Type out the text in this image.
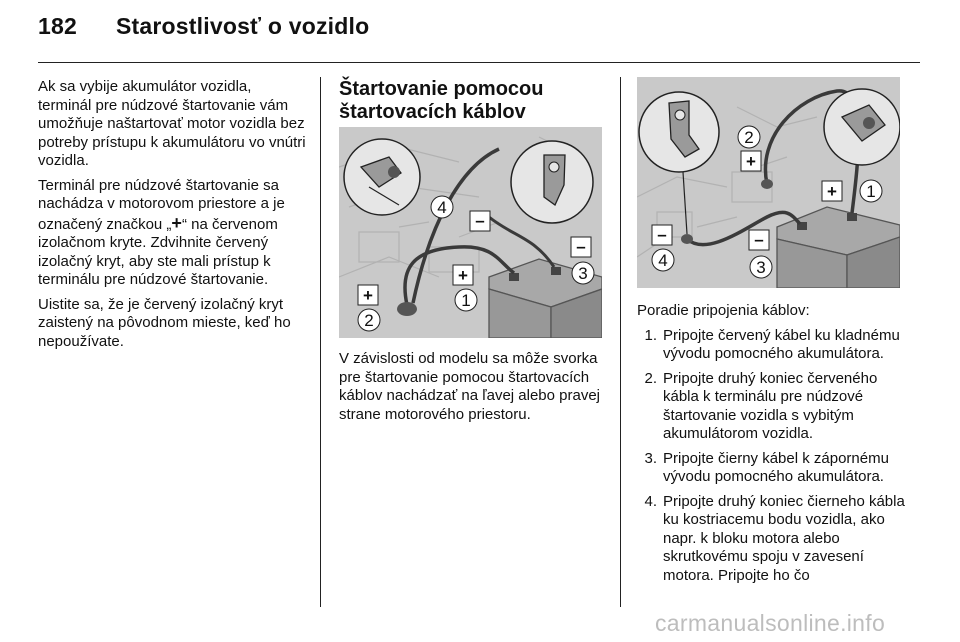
182 Starostlivosť o vozidlo

Ak sa vybije akumulátor vozidla, terminál pre núdzové štartovanie vám umožňuje naštartovať motor vozidla bez potreby prístupu k akumulátoru vo vnútri vozidla.

Terminál pre núdzové štartovanie sa nachádza v motorovom priestore a je označený značkou „+“ na červenom izolačnom kryte. Zdvihnite červený izolačný kryt, aby ste mali prístup k terminálu pre núdzové štartovanie.

Uistite sa, že je červený izolačný kryt zaistený na pôvodnom mieste, keď ho nepoužívate.

Štartovanie pomocou štartovacích káblov
+
+
–
–
2
1
4
3

V závislosti od modelu sa môže svorka pre štartovanie pomocou štartovacích káblov nachádzať na ľavej alebo pravej strane motorového priestoru.

+
+
–	–
2
1
4	3

Poradie pripojenia káblov:

1. Pripojte červený kábel ku kladnému vývodu pomocného akumulátora.
2. Pripojte druhý koniec červeného kábla k terminálu pre núdzové štartovanie vozidla s vybitým akumulátorom vozidla.
3. Pripojte čierny kábel k zápornému vývodu pomocného akumulátora.
4. Pripojte druhý koniec čierneho kábla ku kostriacemu bodu vozidla, ako napr. k bloku motora alebo skrutkovému spoju v zavesení motora. Pripojte ho čo
carmanualsonline.info
